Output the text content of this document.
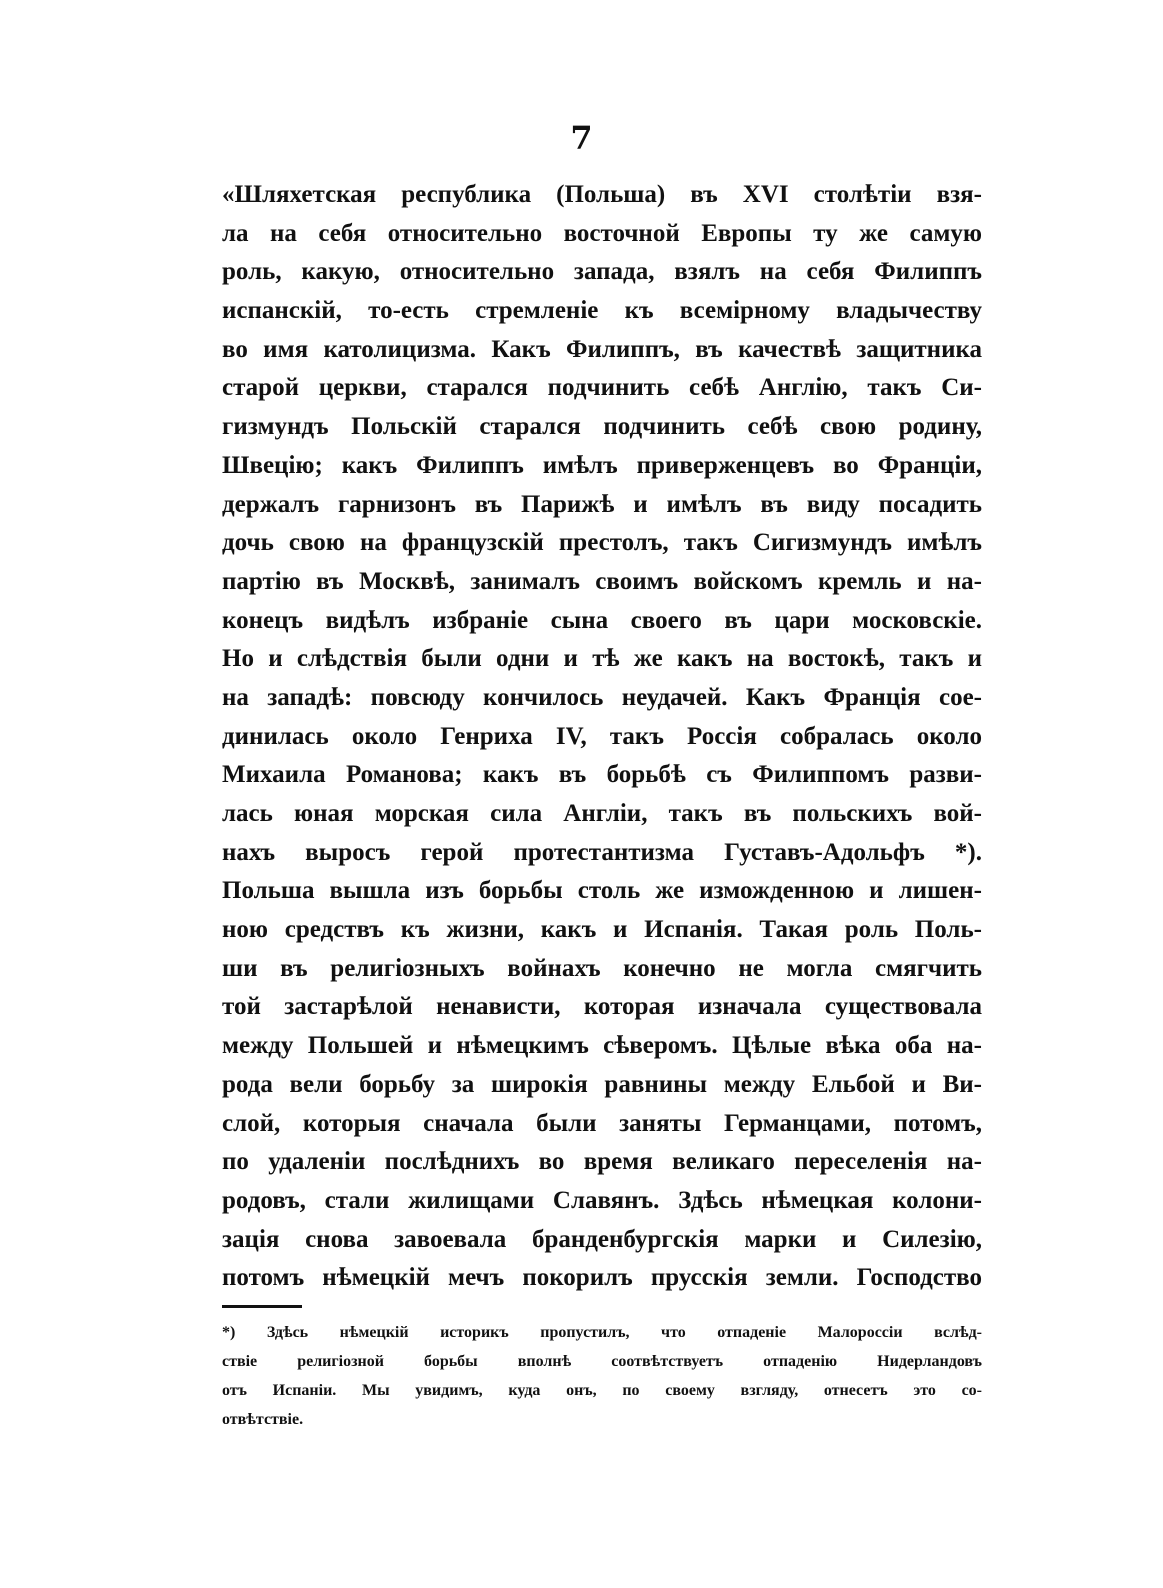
7
«Шляхетская республика (Польша) въ XVI столѣтіи взя-
ла на себя относительно восточной Европы ту же самую
роль, какую, относительно запада, взялъ на себя Филиппъ
испанскій, то-есть стремленіе къ всемірному владычеству
во имя католицизма. Какъ Филиппъ, въ качествѣ защитника
старой церкви, старался подчинить себѣ Англію, такъ Си-
гизмундъ Польскій старался подчинить себѣ свою родину,
Швецію; какъ Филиппъ имѣлъ приверженцевъ во Франціи,
держалъ гарнизонъ въ Парижѣ и имѣлъ въ виду посадить
дочь свою на французскій престолъ, такъ Сигизмундъ имѣлъ
партію въ Москвѣ, занималъ своимъ войскомъ кремль и на-
конецъ видѣлъ избраніе сына своего въ цари московскіе.
Но и слѣдствія были одни и тѣ же какъ на востокѣ, такъ и
на западѣ: повсюду кончилось неудачей. Какъ Франція сое-
динилась около Генриха IV, такъ Россія собралась около
Михаила Романова; какъ въ борьбѣ съ Филиппомъ разви-
лась юная морская сила Англіи, такъ въ польскихъ вой-
нахъ выросъ герой протестантизма Густавъ-Адольфъ *).
Польша вышла изъ борьбы столь же изможденною и лишен-
ною средствъ къ жизни, какъ и Испанія. Такая роль Поль-
ши въ религіозныхъ войнахъ конечно не могла смягчить
той застарѣлой ненависти, которая изначала существовала
между Польшей и нѣмецкимъ сѣверомъ. Цѣлые вѣка оба на-
рода вели борьбу за широкія равнины между Ельбой и Ви-
слой, которыя сначала были заняты Германцами, потомъ,
по удаленіи послѣднихъ во время великаго переселенія на-
родовъ, стали жилищами Славянъ. Здѣсь нѣмецкая колони-
зація снова завоевала бранденбургскія марки и Силезію,
потомъ нѣмецкій мечъ покорилъ прусскія земли. Господство
*) Здѣсь нѣмецкій историкъ пропустилъ, что отпаденіе Малороссіи вслѣд-
ствіе религіозной борьбы вполнѣ соотвѣтствуетъ отпаденію Нидерландовъ
отъ Испаніи. Мы увидимъ, куда онъ, по своему взгляду, отнесетъ это со-
отвѣтствіе.
